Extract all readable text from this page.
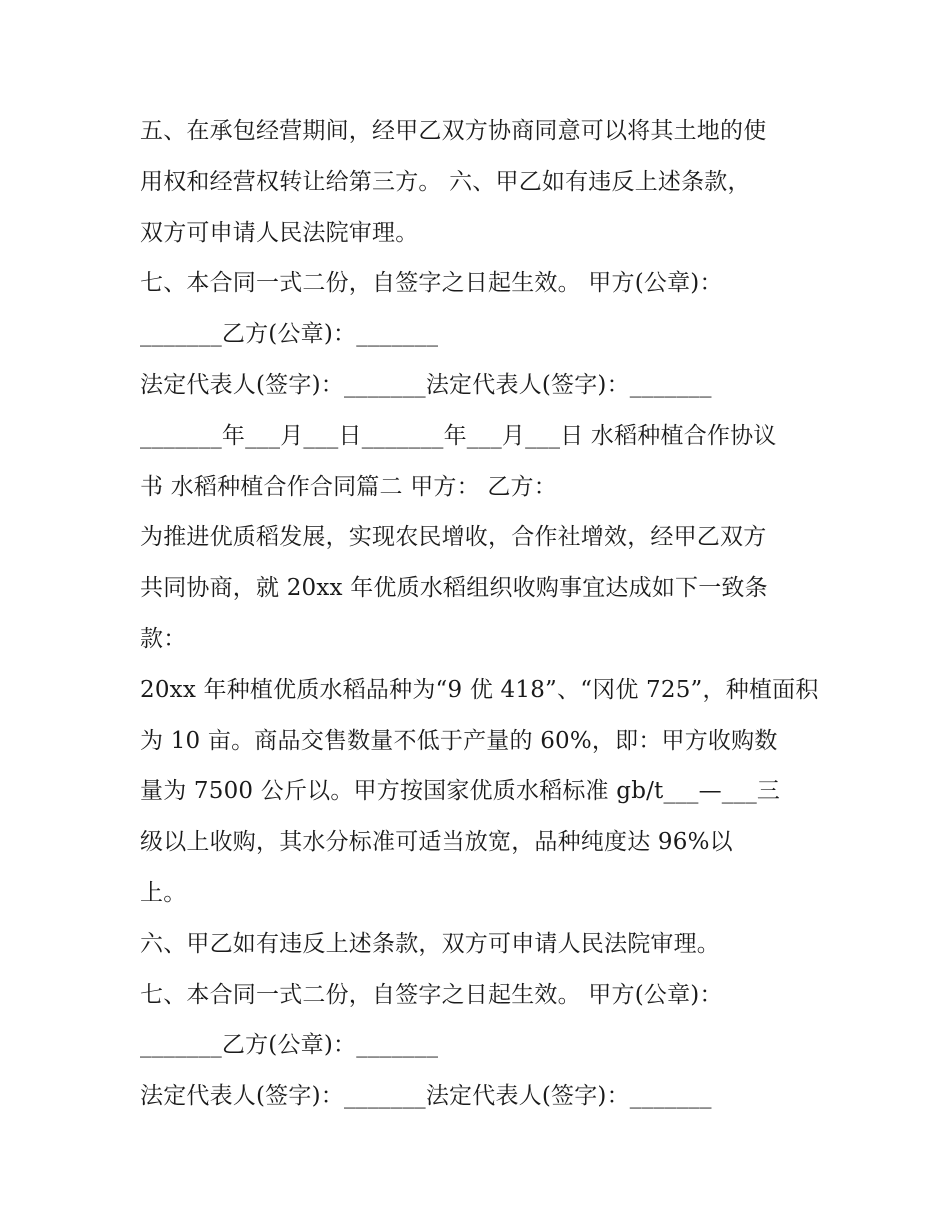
五、在承包经营期间，经甲乙双方协商同意可以将其土地的使
用权和经营权转让给第三方。 六、甲乙如有违反上述条款，
双方可申请人民法院审理。
七、本合同一式二份，自签字之日起生效。 甲方(公章)：
_______乙方(公章)：_______
法定代表人(签字)：_______法定代表人(签字)：_______
_______年___月___日_______年___月___日 水稻种植合作协议
书 水稻种植合作合同篇二 甲方： 乙方：
为推进优质稻发展，实现农民增收，合作社增效，经甲乙双方
共同协商，就 20xx 年优质水稻组织收购事宜达成如下一致条
款：
20xx 年种植优质水稻品种为“9 优 418”、“冈优 725”，种植面积
为 10 亩。商品交售数量不低于产量的 60%，即：甲方收购数
量为 7500 公斤以。甲方按国家优质水稻标准 gb/t___—___三
级以上收购，其水分标准可适当放宽，品种纯度达 96%以
上。
六、甲乙如有违反上述条款，双方可申请人民法院审理。
七、本合同一式二份，自签字之日起生效。 甲方(公章)：
_______乙方(公章)：_______
法定代表人(签字)：_______法定代表人(签字)：_______
